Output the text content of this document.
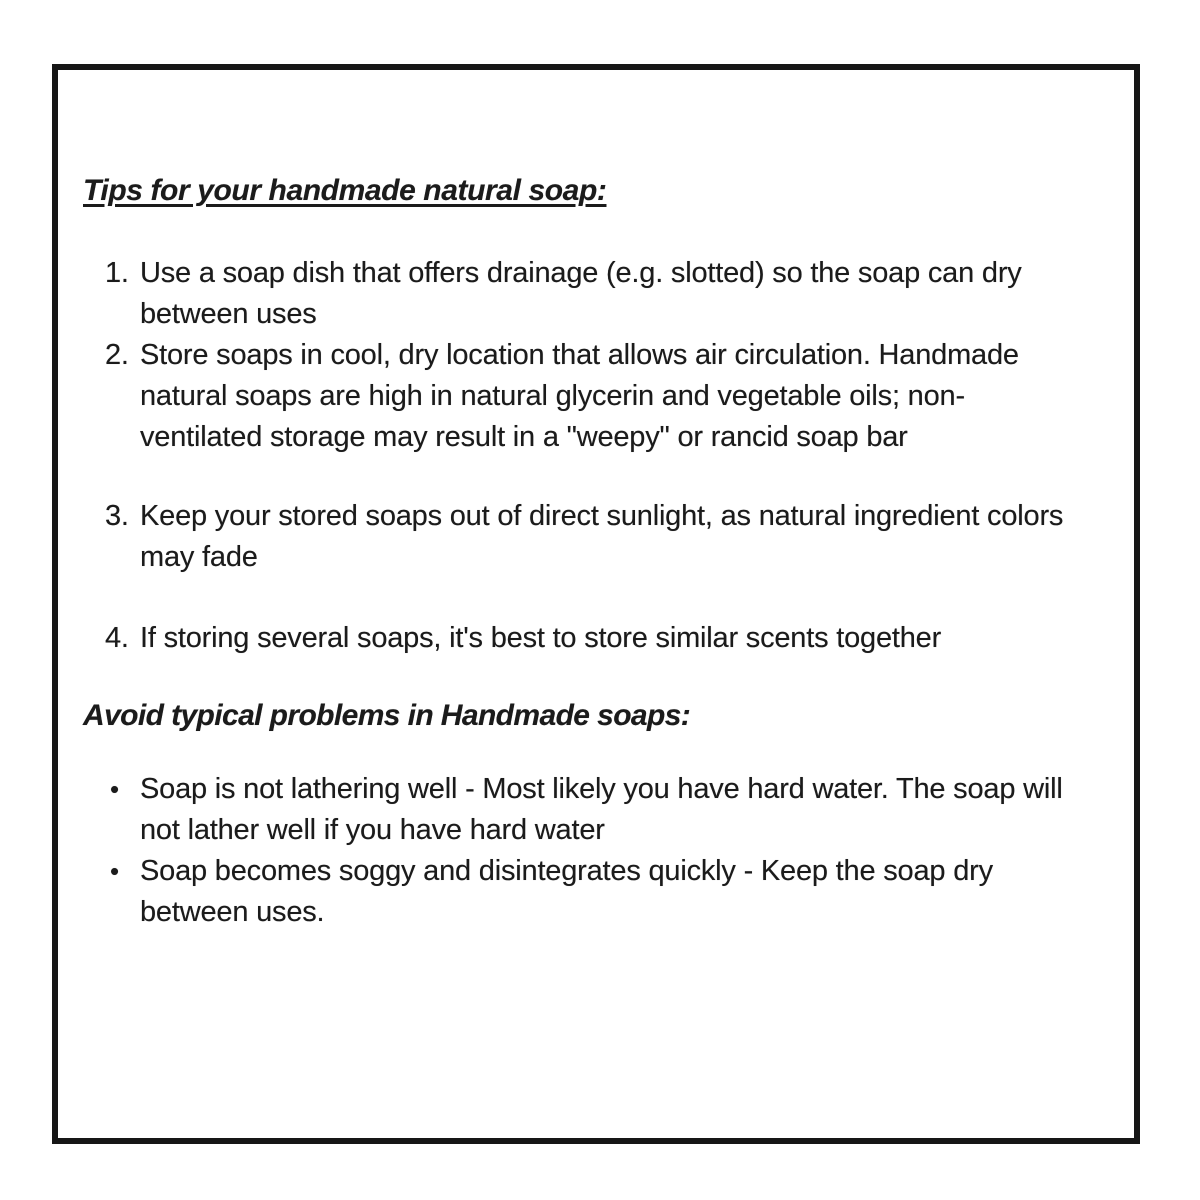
Tips for your handmade natural soap:
1. Use a soap dish that offers drainage (e.g. slotted) so the soap can dry between uses
2. Store soaps in cool, dry location that allows air circulation. Handmade natural soaps are high in natural glycerin and vegetable oils; non-ventilated storage may result in a "weepy" or rancid soap bar
3. Keep your stored soaps out of direct sunlight, as natural ingredient colors may fade
4. If storing several soaps, it's best to store similar scents together
Avoid typical problems in Handmade soaps:
• Soap is not lathering well - Most likely you have hard water. The soap will not lather well if you have hard water
• Soap becomes soggy and disintegrates quickly - Keep the soap dry between uses.
